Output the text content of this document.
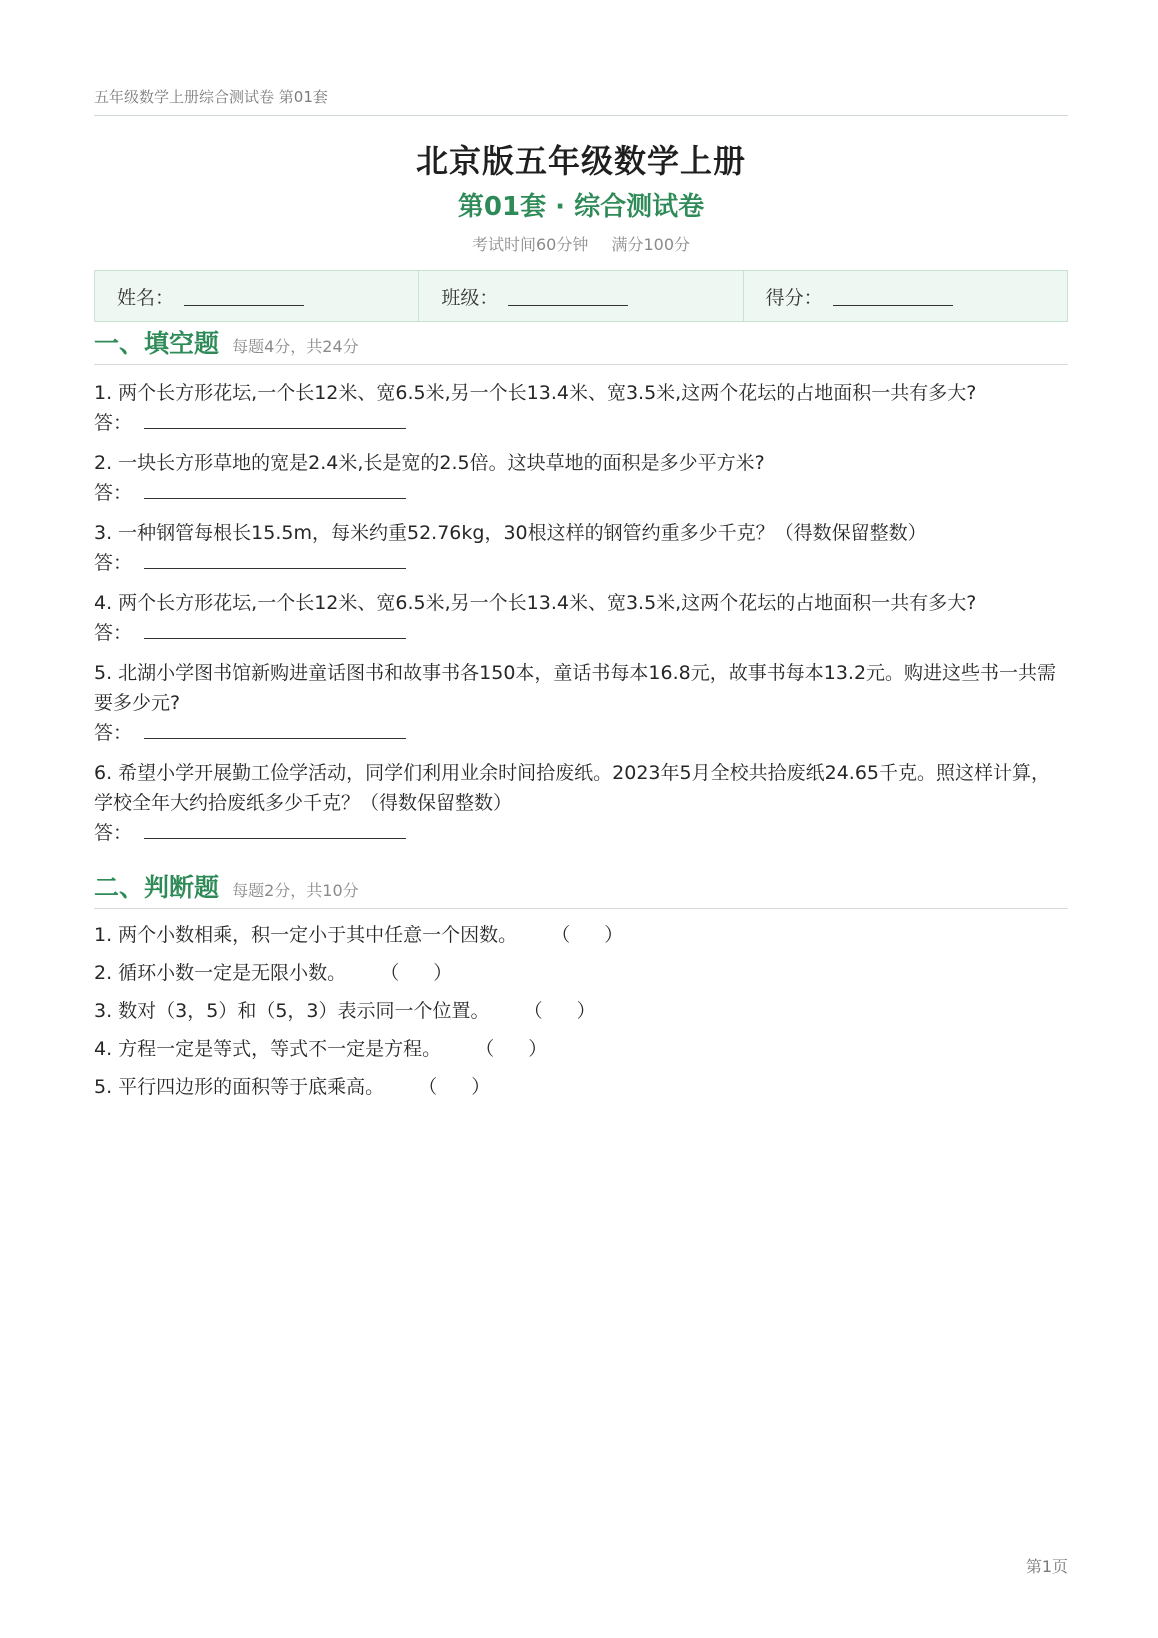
五年级数学上册综合测试卷 第01套
北京版五年级数学上册
第01套 · 综合测试卷
考试时间60分钟 满分100分
姓名：	班级：	得分：
一、填空题 每题4分，共24分
1. 两个长方形花坛,一个长12米、宽6.5米,另一个长13.4米、宽3.5米,这两个花坛的占地面积一共有多大?
答：
2. 一块长方形草地的宽是2.4米,长是宽的2.5倍。这块草地的面积是多少平方米?
答：
3. 一种钢管每根长15.5m，每米约重52.76kg，30根这样的钢管约重多少千克？（得数保留整数）
答：
4. 两个长方形花坛,一个长12米、宽6.5米,另一个长13.4米、宽3.5米,这两个花坛的占地面积一共有多大?
答：
5. 北湖小学图书馆新购进童话图书和故事书各150本，童话书每本16.8元，故事书每本13.2元。购进这些书一共需要多少元?
答：
6. 希望小学开展勤工俭学活动，同学们利用业余时间拾废纸。2023年5月全校共拾废纸24.65千克。照这样计算，学校全年大约拾废纸多少千克？（得数保留整数）
答：
二、判断题 每题2分，共10分
1. 两个小数相乘，积一定小于其中任意一个因数。 （ ）
2. 循环小数一定是无限小数。 （ ）
3. 数对（3，5）和（5，3）表示同一个位置。 （ ）
4. 方程一定是等式，等式不一定是方程。 （ ）
5. 平行四边形的面积等于底乘高。 （ ）
第1页
